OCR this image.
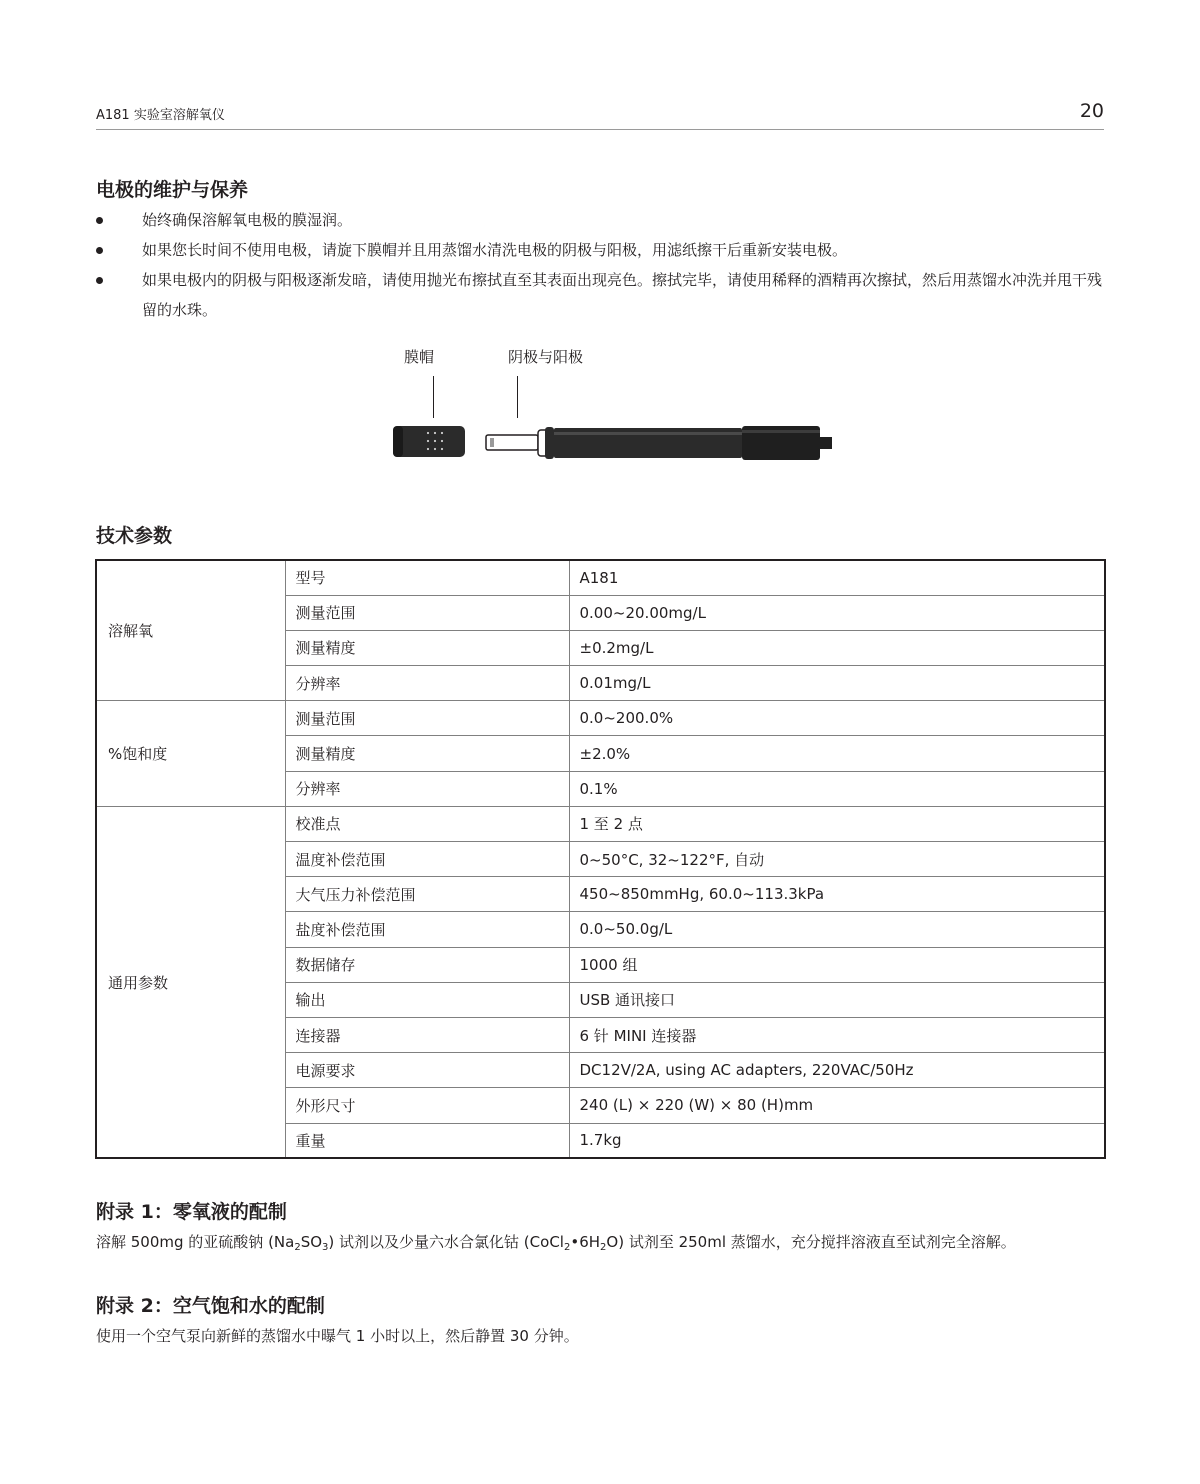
A181 实验室溶解氧仪	20
电极的维护与保养
始终确保溶解氧电极的膜湿润。
如果您长时间不使用电极，请旋下膜帽并且用蒸馏水清洗电极的阴极与阳极，用滤纸擦干后重新安装电极。
如果电极内的阴极与阳极逐渐发暗，请使用抛光布擦拭直至其表面出现亮色。擦拭完毕，请使用稀释的酒精再次擦拭，然后用蒸馏水冲洗并甩干残留的水珠。
膜帽	阴极与阳极
技术参数
溶解氧	型号	A181
	测量范围	0.00~20.00mg/L
	测量精度	±0.2mg/L
	分辨率	0.01mg/L
%饱和度	测量范围	0.0~200.0%
	测量精度	±2.0%
	分辨率	0.1%
通用参数	校准点	1 至 2 点
	温度补偿范围	0~50°C, 32~122°F, 自动
	大气压力补偿范围	450~850mmHg, 60.0~113.3kPa
	盐度补偿范围	0.0~50.0g/L
	数据储存	1000 组
	输出	USB 通讯接口
	连接器	6 针 MINI 连接器
	电源要求	DC12V/2A, using AC adapters, 220VAC/50Hz
	外形尺寸	240 (L) × 220 (W) × 80 (H)mm
	重量	1.7kg
附录 1：零氧液的配制
溶解 500mg 的亚硫酸钠 $(Na_2SO_3)$ 试剂以及少量六水合氯化钴 $(CoCl_2•6H_2O)$ 试剂至 250ml 蒸馏水，充分搅拌溶液直至试剂完全溶解。
附录 2：空气饱和水的配制
使用一个空气泵向新鲜的蒸馏水中曝气 1 小时以上，然后静置 30 分钟。
